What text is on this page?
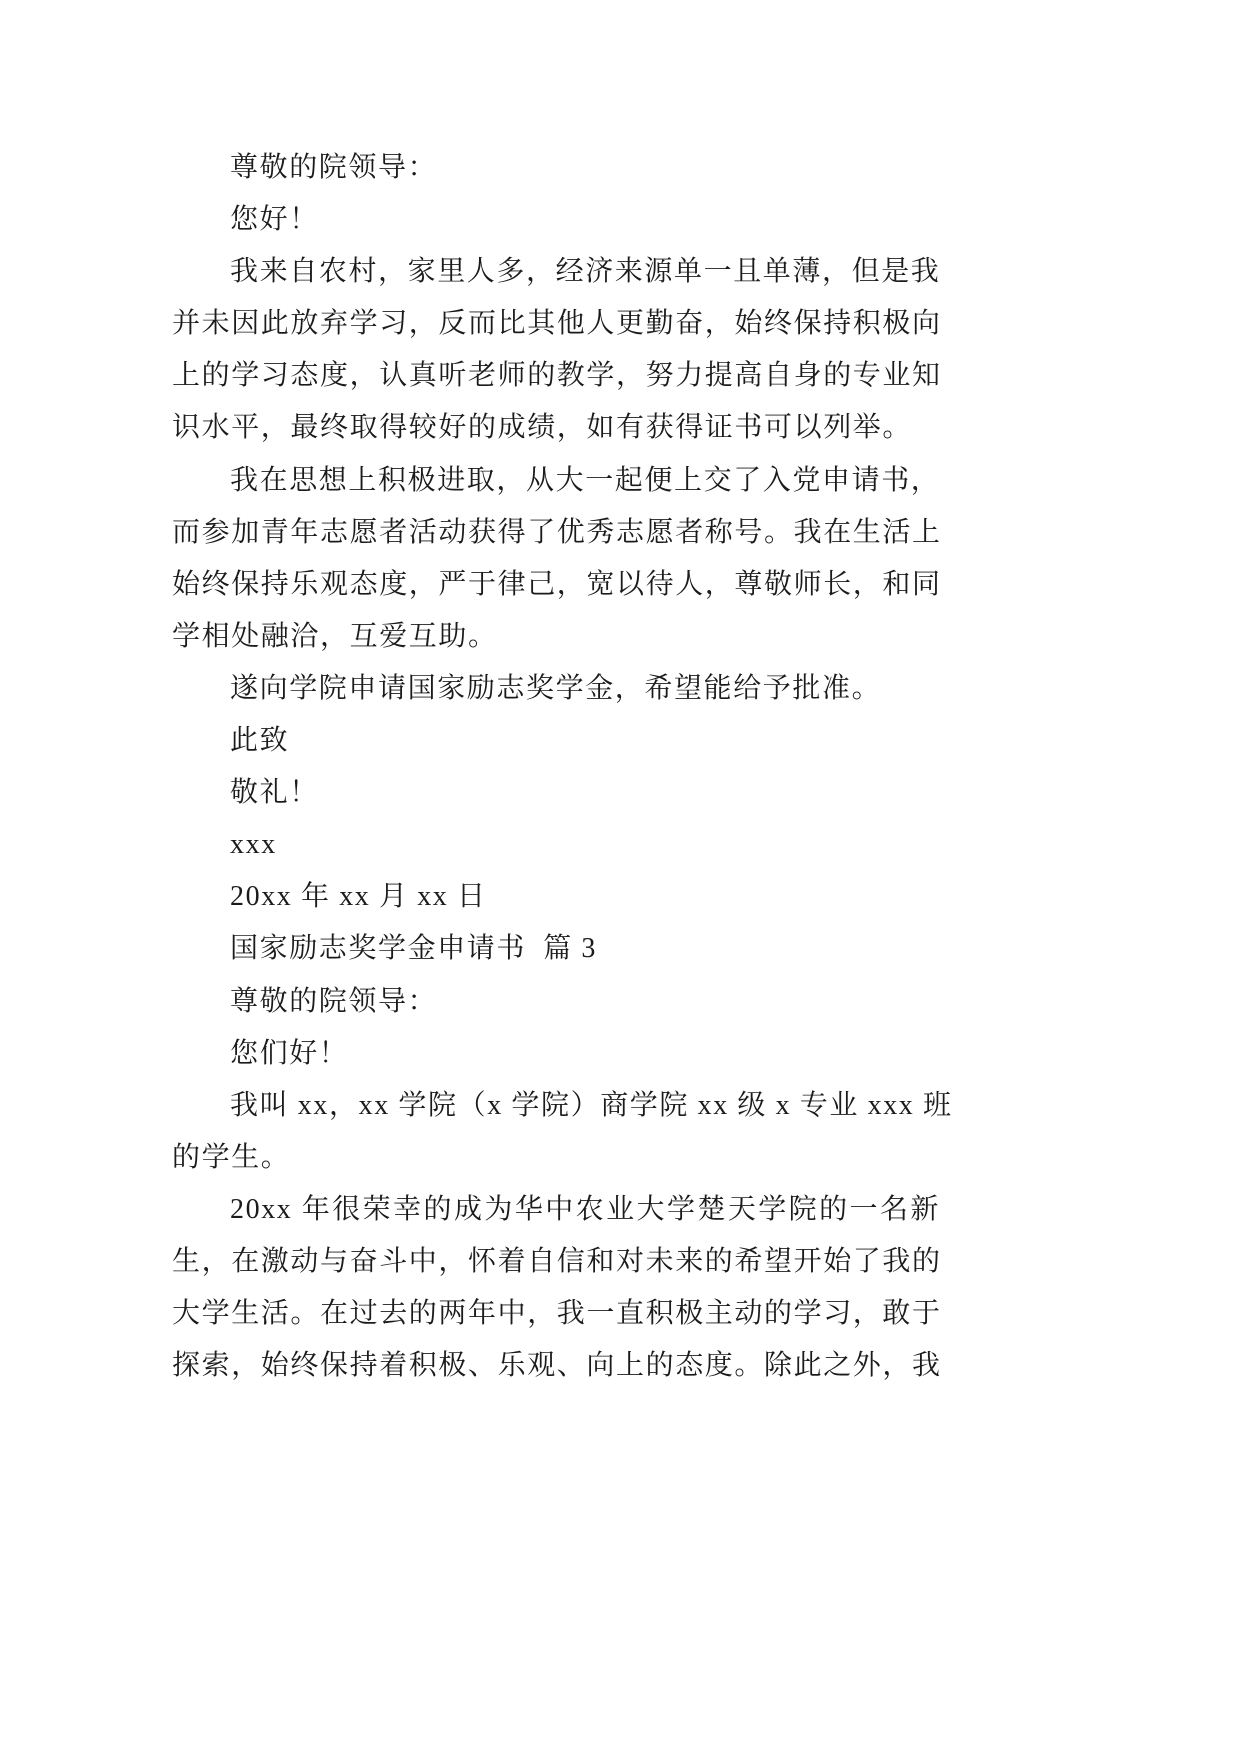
尊敬的院领导：
您好！
我来自农村，家里人多，经济来源单一且单薄，但是我
并未因此放弃学习，反而比其他人更勤奋，始终保持积极向
上的学习态度，认真听老师的教学，努力提高自身的专业知
识水平，最终取得较好的成绩，如有获得证书可以列举。
我在思想上积极进取，从大一起便上交了入党申请书，
而参加青年志愿者活动获得了优秀志愿者称号。我在生活上
始终保持乐观态度，严于律己，宽以待人，尊敬师长，和同
学相处融洽，互爱互助。
遂向学院申请国家励志奖学金，希望能给予批准。
此致
敬礼！
xxx
20xx 年 xx 月 xx 日
国家励志奖学金申请书  篇 3
尊敬的院领导：
您们好！
我叫 xx，xx 学院（x 学院）商学院 xx 级 x 专业 xxx 班
的学生。
20xx 年很荣幸的成为华中农业大学楚天学院的一名新
生，在激动与奋斗中，怀着自信和对未来的希望开始了我的
大学生活。在过去的两年中，我一直积极主动的学习，敢于
探索，始终保持着积极、乐观、向上的态度。除此之外，我
